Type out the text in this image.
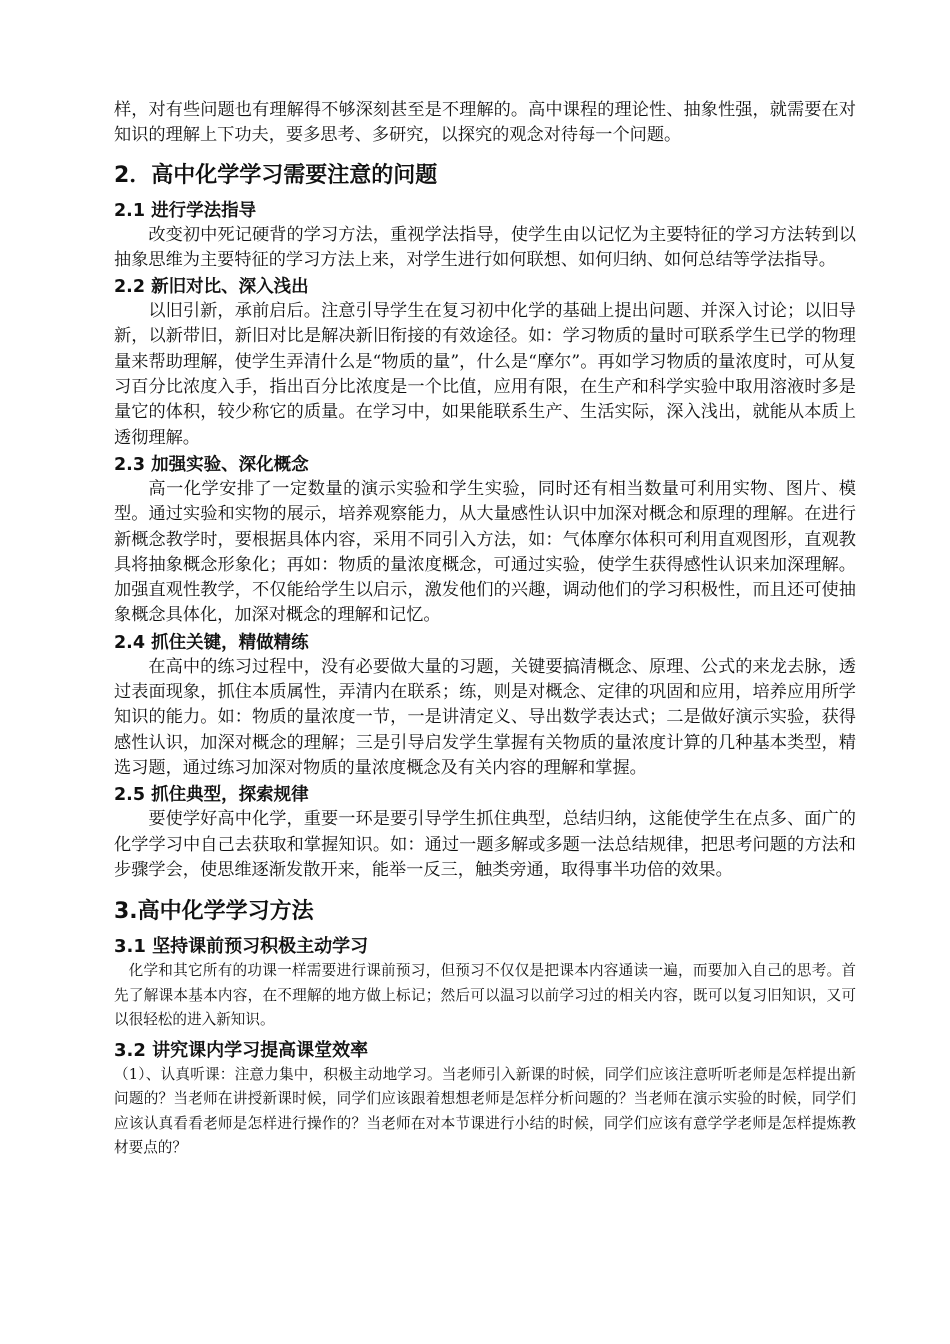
样，对有些问题也有理解得不够深刻甚至是不理解的。高中课程的理论性、抽象性强，就需要在对知识的理解上下功夫，要多思考、多研究，以探究的观念对待每一个问题。

2．高中化学学习需要注意的问题
2.1 进行学法指导

改变初中死记硬背的学习方法，重视学法指导，使学生由以记忆为主要特征的学习方法转到以抽象思维为主要特征的学习方法上来，对学生进行如何联想、如何归纳、如何总结等学法指导。

2.2 新旧对比、深入浅出

以旧引新，承前启后。注意引导学生在复习初中化学的基础上提出问题、并深入讨论；以旧导新，以新带旧，新旧对比是解决新旧衔接的有效途径。如：学习物质的量时可联系学生已学的物理量来帮助理解，使学生弄清什么是“物质的量”，什么是“摩尔”。再如学习物质的量浓度时，可从复习百分比浓度入手，指出百分比浓度是一个比值，应用有限，在生产和科学实验中取用溶液时多是量它的体积，较少称它的质量。在学习中，如果能联系生产、生活实际，深入浅出，就能从本质上透彻理解。

2.3 加强实验、深化概念

高一化学安排了一定数量的演示实验和学生实验，同时还有相当数量可利用实物、图片、模型。通过实验和实物的展示，培养观察能力，从大量感性认识中加深对概念和原理的理解。在进行新概念教学时，要根据具体内容，采用不同引入方法，如：气体摩尔体积可利用直观图形，直观教具将抽象概念形象化；再如：物质的量浓度概念，可通过实验，使学生获得感性认识来加深理解。加强直观性教学，不仅能给学生以启示，激发他们的兴趣，调动他们的学习积极性，而且还可使抽象概念具体化，加深对概念的理解和记忆。

2.4 抓住关键，精做精练

在高中的练习过程中，没有必要做大量的习题，关键要搞清概念、原理、公式的来龙去脉，透过表面现象，抓住本质属性，弄清内在联系；练，则是对概念、定律的巩固和应用，培养应用所学知识的能力。如：物质的量浓度一节，一是讲清定义、导出数学表达式；二是做好演示实验，获得感性认识，加深对概念的理解；三是引导启发学生掌握有关物质的量浓度计算的几种基本类型，精选习题，通过练习加深对物质的量浓度概念及有关内容的理解和掌握。

2.5 抓住典型，探索规律

要使学好高中化学，重要一环是要引导学生抓住典型，总结归纳，这能使学生在点多、面广的化学学习中自己去获取和掌握知识。如：通过一题多解或多题一法总结规律，把思考问题的方法和步骤学会，使思维逐渐发散开来，能举一反三，触类旁通，取得事半功倍的效果。

3.高中化学学习方法
3.1 坚持课前预习积极主动学习

化学和其它所有的功课一样需要进行课前预习，但预习不仅仅是把课本内容通读一遍，而要加入自己的思考。首先了解课本基本内容，在不理解的地方做上标记；然后可以温习以前学习过的相关内容，既可以复习旧知识，又可以很轻松的进入新知识。

3.2 讲究课内学习提高课堂效率

（1）、认真听课：注意力集中，积极主动地学习。当老师引入新课的时候，同学们应该注意听听老师是怎样提出新问题的？当老师在讲授新课时候，同学们应该跟着想想老师是怎样分析问题的？当老师在演示实验的时候，同学们应该认真看看老师是怎样进行操作的？当老师在对本节课进行小结的时候，同学们应该有意学学老师是怎样提炼教材要点的？
